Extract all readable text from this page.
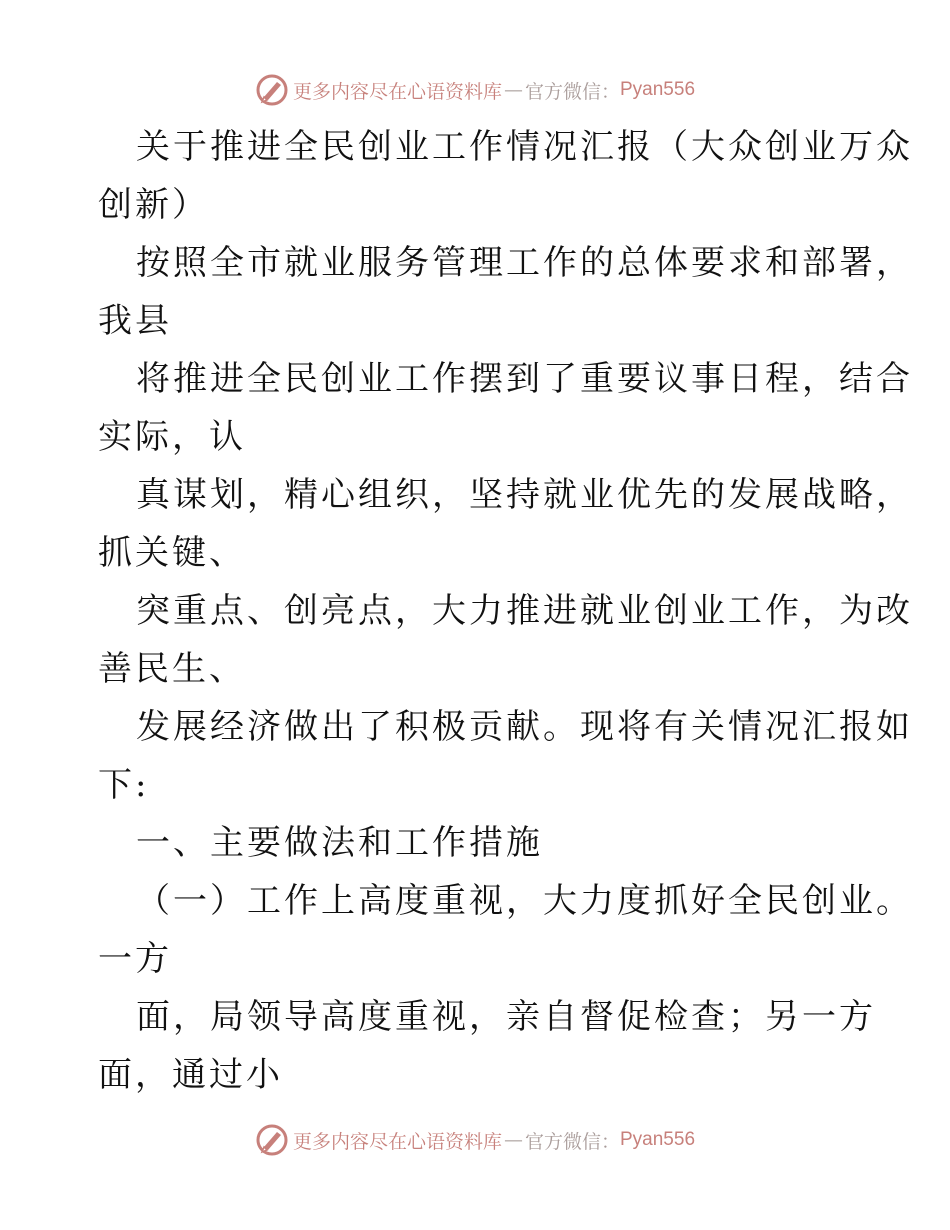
更多内容尽在心语资料库 — 官方微信： Pyan556
关于推进全民创业工作情况汇报（大众创业万众
创新）
按照全市就业服务管理工作的总体要求和部署，
我县
将推进全民创业工作摆到了重要议事日程，结合
实际，认
真谋划，精心组织，坚持就业优先的发展战略，
抓关键、
突重点、创亮点，大力推进就业创业工作，为改
善民生、
发展经济做出了积极贡献。现将有关情况汇报如
下:
一、主要做法和工作措施
（一）工作上高度重视，大力度抓好全民创业。
一方
面，局领导高度重视，亲自督促检查；另一方
面，通过小
更多内容尽在心语资料库 — 官方微信： Pyan556
